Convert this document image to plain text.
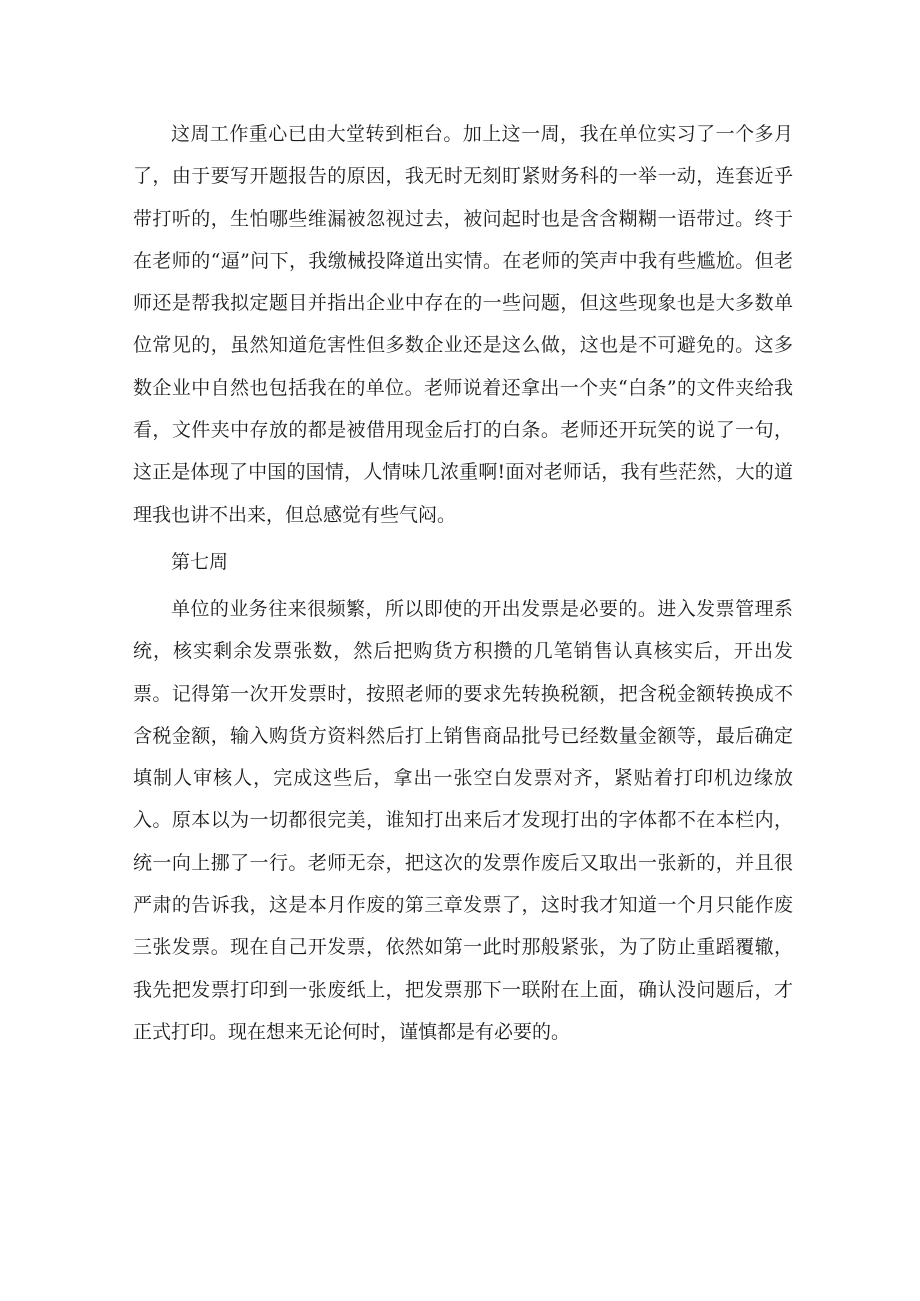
这周工作重心已由大堂转到柜台。加上这一周，我在单位实习了一个多月了，由于要写开题报告的原因，我无时无刻盯紧财务科的一举一动，连套近乎带打听的，生怕哪些维漏被忽视过去，被问起时也是含含糊糊一语带过。终于在老师的“逼”问下，我缴械投降道出实情。在老师的笑声中我有些尴尬。但老师还是帮我拟定题目并指出企业中存在的一些问题，但这些现象也是大多数单位常见的，虽然知道危害性但多数企业还是这么做，这也是不可避免的。这多数企业中自然也包括我在的单位。老师说着还拿出一个夹“白条”的文件夹给我看，文件夹中存放的都是被借用现金后打的白条。老师还开玩笑的说了一句，这正是体现了中国的国情，人情味几浓重啊!面对老师话，我有些茫然，大的道理我也讲不出来，但总感觉有些气闷。

第七周

单位的业务往来很频繁，所以即使的开出发票是必要的。进入发票管理系统，核实剩余发票张数，然后把购货方积攒的几笔销售认真核实后，开出发票。记得第一次开发票时，按照老师的要求先转换税额，把含税金额转换成不含税金额，输入购货方资料然后打上销售商品批号已经数量金额等，最后确定填制人审核人，完成这些后，拿出一张空白发票对齐，紧贴着打印机边缘放入。原本以为一切都很完美，谁知打出来后才发现打出的字体都不在本栏内，统一向上挪了一行。老师无奈，把这次的发票作废后又取出一张新的，并且很严肃的告诉我，这是本月作废的第三章发票了，这时我才知道一个月只能作废三张发票。现在自己开发票，依然如第一此时那般紧张，为了防止重蹈覆辙，我先把发票打印到一张废纸上，把发票那下一联附在上面，确认没问题后，才正式打印。现在想来无论何时，谨慎都是有必要的。
